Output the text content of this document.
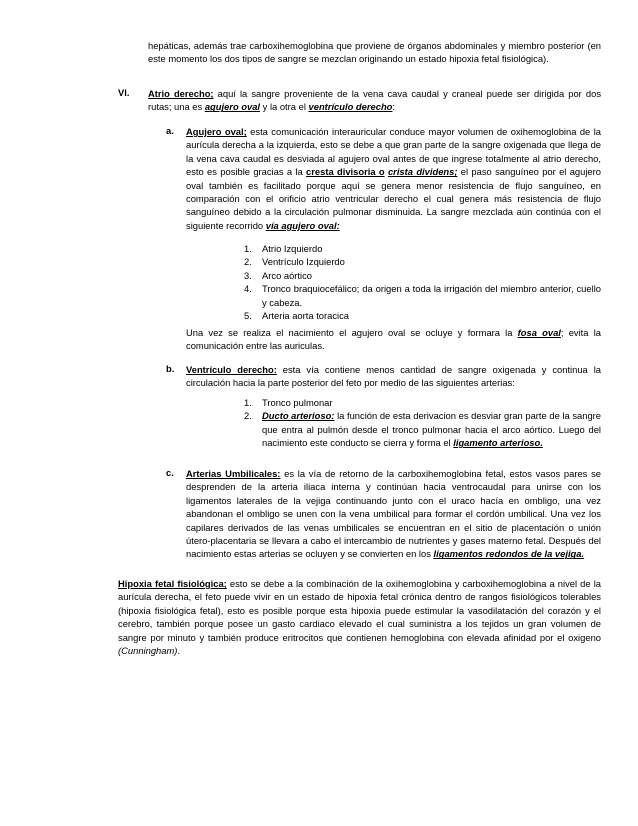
hepáticas, además trae carboxihemoglobina que proviene de órganos abdominales y miembro posterior (en este momento los dos tipos de sangre se mezclan originando un estado hipoxia fetal fisiológica).

VI. Atrio derecho; aquí la sangre proveniente de la vena cava caudal y craneal puede ser dirigida por dos rutas; una es agujero oval y la otra el ventrículo derecho:

a. Agujero oval; esta comunicación interauricular conduce mayor volumen de oxihemoglobina de la aurícula derecha a la izquierda, esto se debe a que gran parte de la sangre oxigenada que llega de la vena cava caudal es desviada al agujero oval antes de que ingrese totalmente al atrio derecho, esto es posible gracias a la cresta divisoria o crista dividens; el paso sanguíneo por el agujero oval también es facilitado porque aquí se genera menor resistencia de flujo sanguíneo, en comparación con el orificio atrio ventricular derecho el cual genera más resistencia de flujo sanguíneo debido a la circulación pulmonar disminuida. La sangre mezclada aún continúa con el siguiente recorrido vía agujero oval:

1.	Atrio Izquierdo
2.	Ventrículo Izquierdo
3.	Arco aórtico
4.	Tronco braquiocefálico; da origen a toda la irrigación del miembro anterior, cuello y cabeza.
5.	Arteria aorta toracica

Una vez se realiza el nacimiento el agujero oval se ocluye y formara la fosa oval; evita la comunicación entre las auriculas.

b. Ventrículo derecho: esta vía contiene menos cantidad de sangre oxigenada y continua la circulación hacia la parte posterior del feto por medio de las siguientes arterias:

1.	Tronco pulmonar
2.	Ducto arterioso: la función de esta derivacion es desviar gran parte de la sangre que entra al pulmón desde el tronco pulmonar hacia el arco aórtico. Luego del nacimiento este conducto se cierra y forma el ligamento arterioso.
c. Arterias Umbilicales: es la vía de retorno de la carboxihemoglobina fetal, estos vasos pares se desprenden de la arteria iliaca interna y continúan hacia ventrocaudal para unirse con los ligamentos laterales de la vejiga continuando junto con el uraco hacía en ombligo, una vez abandonan el ombligo se unen con la vena umbilical para formar el cordón umbilical. Una vez los capilares derivados de las venas umbilicales se encuentran en el sitio de placentación o unión útero-placentaria se llevara a cabo el intercambio de nutrientes y gases materno fetal. Después del nacimiento estas arterias se ocluyen y se convierten en los ligamentos redondos de la vejiga.

Hipoxia fetal fisiológica; esto se debe a la combinación de la oxihemoglobina y carboxihemoglobina a nivel de la aurícula derecha, el feto puede vivir en un estado de hipoxia fetal crónica dentro de rangos fisiológicos tolerables (hipoxia fisiológica fetal), esto es posible porque esta hipoxia puede estimular la vasodilatación del corazón y el cerebro, también porque posee un gasto cardiaco elevado el cual suministra a los tejidos un gran volumen de sangre por minuto y también produce eritrocitos que contienen hemoglobina con elevada afinidad por el oxigeno (Cunningham).
